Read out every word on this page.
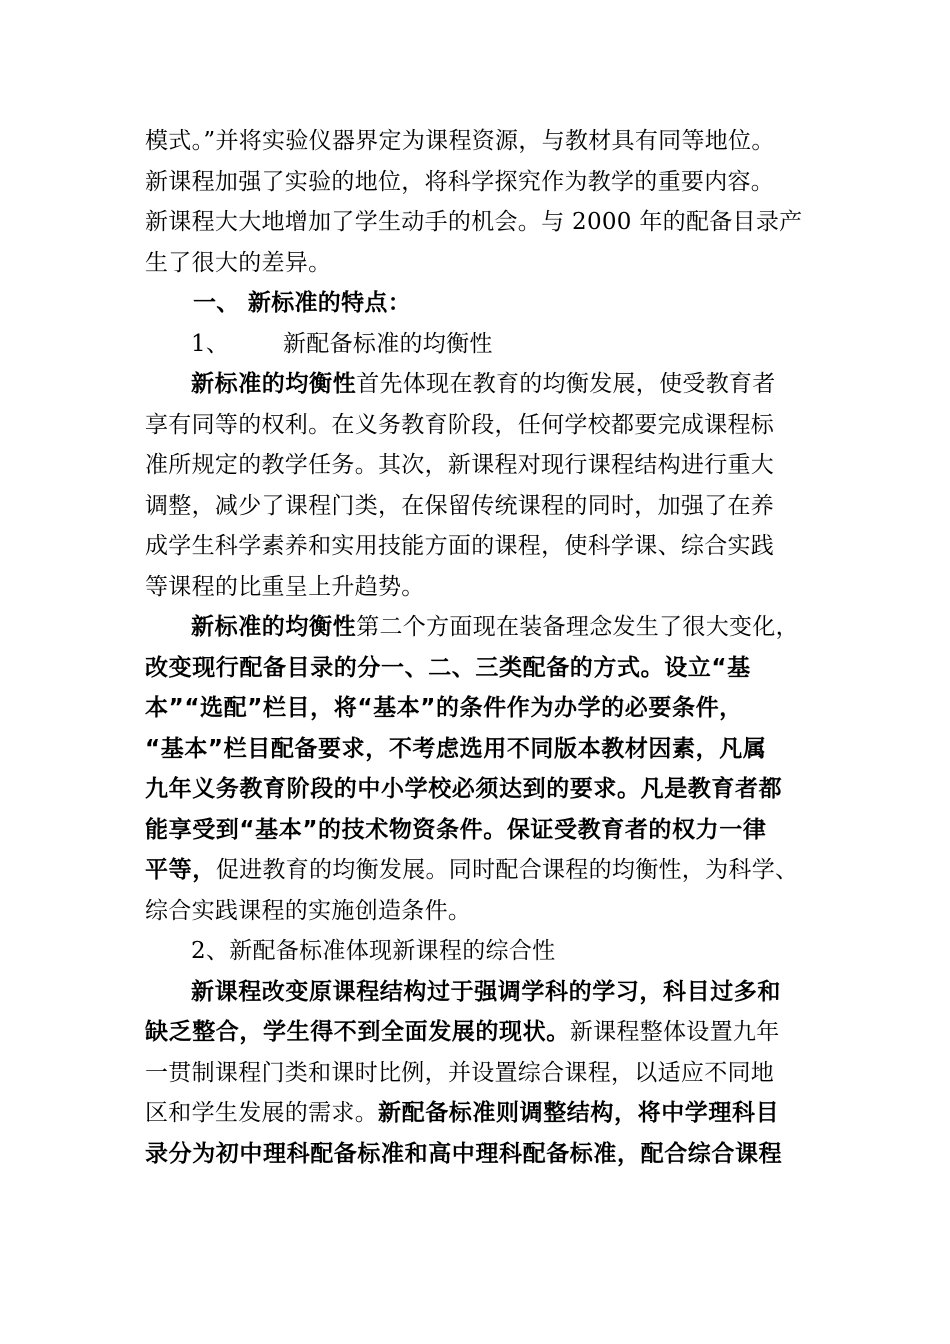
模式。”并将实验仪器界定为课程资源，与教材具有同等地位。
新课程加强了实验的地位，将科学探究作为教学的重要内容。
新课程大大地增加了学生动手的机会。与 2000 年的配备目录产
生了很大的差异。
一、 新标准的特点：
1、 新配备标准的均衡性
新标准的均衡性首先体现在教育的均衡发展，使受教育者
享有同等的权利。在义务教育阶段，任何学校都要完成课程标
准所规定的教学任务。其次，新课程对现行课程结构进行重大
调整，减少了课程门类，在保留传统课程的同时，加强了在养
成学生科学素养和实用技能方面的课程，使科学课、综合实践
等课程的比重呈上升趋势。
新标准的均衡性第二个方面现在装备理念发生了很大变化，
改变现行配备目录的分一、二、三类配备的方式。设立“基
本”“选配”栏目，将“基本”的条件作为办学的必要条件，
“基本”栏目配备要求，不考虑选用不同版本教材因素，凡属
九年义务教育阶段的中小学校必须达到的要求。凡是教育者都
能享受到“基本”的技术物资条件。保证受教育者的权力一律
平等，促进教育的均衡发展。同时配合课程的均衡性，为科学、
综合实践课程的实施创造条件。
2、新配备标准体现新课程的综合性
新课程改变原课程结构过于强调学科的学习，科目过多和
缺乏整合，学生得不到全面发展的现状。新课程整体设置九年
一贯制课程门类和课时比例，并设置综合课程，以适应不同地
区和学生发展的需求。新配备标准则调整结构，将中学理科目
录分为初中理科配备标准和高中理科配备标准，配合综合课程
